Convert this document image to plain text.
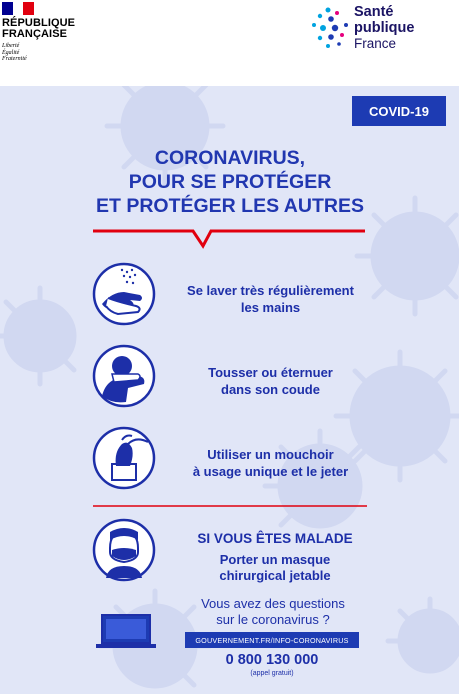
RÉPUBLIQUE
FRANÇAISE
Liberté
Égalité
Fraternité
Santé
publique
France
COVID-19
CORONAVIRUS,
POUR SE PROTÉGER
ET PROTÉGER LES AUTRES
Se laver très régulièrement
les mains
Tousser ou éternuer
dans son coude
Utiliser un mouchoir
à usage unique et le jeter
SI VOUS ÊTES MALADE
Porter un masque
chirurgical jetable
Vous avez des questions
sur le coronavirus ?
GOUVERNEMENT.FR/INFO-CORONAVIRUS
0 800 130 000
(appel gratuit)
